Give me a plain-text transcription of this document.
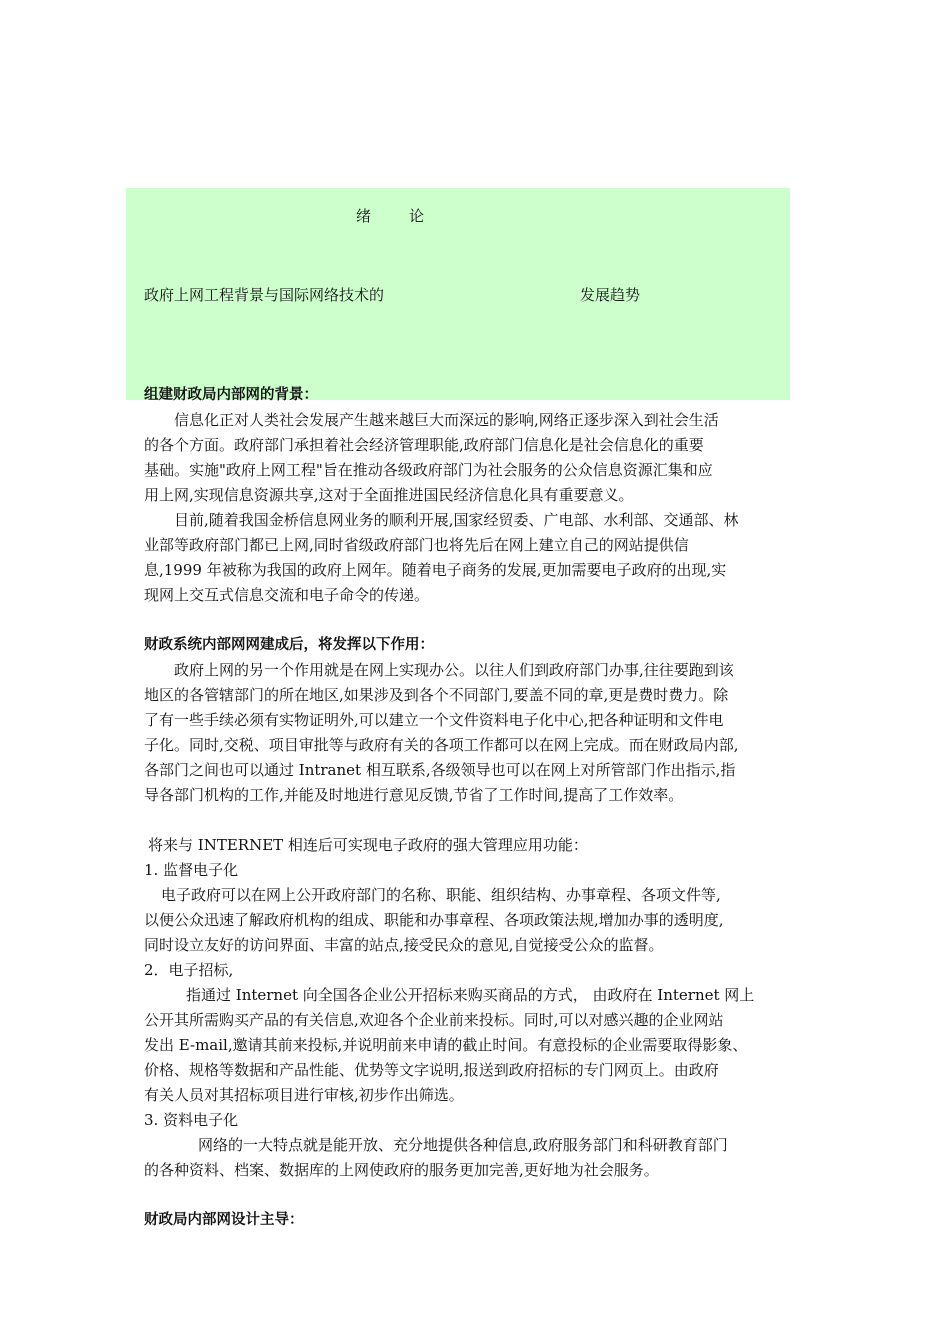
绪论
政府上网工程背景与国际网络技术的	发展趋势

组建财政局内部网的背景：

信息化正对人类社会发展产生越来越巨大而深远的影响,网络正逐步深入到社会生活

的各个方面。政府部门承担着社会经济管理职能,政府部门信息化是社会信息化的重要

基础。实施"政府上网工程"旨在推动各级政府部门为社会服务的公众信息资源汇集和应

用上网,实现信息资源共享,这对于全面推进国民经济信息化具有重要意义。

目前,随着我国金桥信息网业务的顺利开展,国家经贸委、广电部、水利部、交通部、林

业部等政府部门都已上网,同时省级政府部门也将先后在网上建立自己的网站提供信

息,1999 年被称为我国的政府上网年。随着电子商务的发展,更加需要电子政府的出现,实

现网上交互式信息交流和电子命令的传递。

财政系统内部网网建成后，将发挥以下作用：

政府上网的另一个作用就是在网上实现办公。以往人们到政府部门办事,往往要跑到该

地区的各管辖部门的所在地区,如果涉及到各个不同部门,要盖不同的章,更是费时费力。除

了有一些手续必须有实物证明外,可以建立一个文件资料电子化中心,把各种证明和文件电

子化。同时,交税、项目审批等与政府有关的各项工作都可以在网上完成。而在财政局内部,

各部门之间也可以通过 Intranet 相互联系,各级领导也可以在网上对所管部门作出指示,指

导各部门机构的工作,并能及时地进行意见反馈,节省了工作时间,提高了工作效率。

将来与 INTERNET 相连后可实现电子政府的强大管理应用功能：

1. 监督电子化

电子政府可以在网上公开政府部门的名称、职能、组织结构、办事章程、各项文件等,

以便公众迅速了解政府机构的组成、职能和办事章程、各项政策法规,增加办事的透明度,

同时设立友好的访问界面、丰富的站点,接受民众的意见,自觉接受公众的监督。

2．电子招标,

指通过 Internet 向全国各企业公开招标来购买商品的方式， 由政府在 Internet 网上

公开其所需购买产品的有关信息,欢迎各个企业前来投标。同时,可以对感兴趣的企业网站

发出 E-mail,邀请其前来投标,并说明前来申请的截止时间。有意投标的企业需要取得影象、

价格、规格等数据和产品性能、优势等文字说明,报送到政府招标的专门网页上。由政府

有关人员对其招标项目进行审核,初步作出筛选。

3. 资料电子化

网络的一大特点就是能开放、充分地提供各种信息,政府服务部门和科研教育部门

的各种资料、档案、数据库的上网使政府的服务更加完善,更好地为社会服务。

财政局内部网设计主导：
